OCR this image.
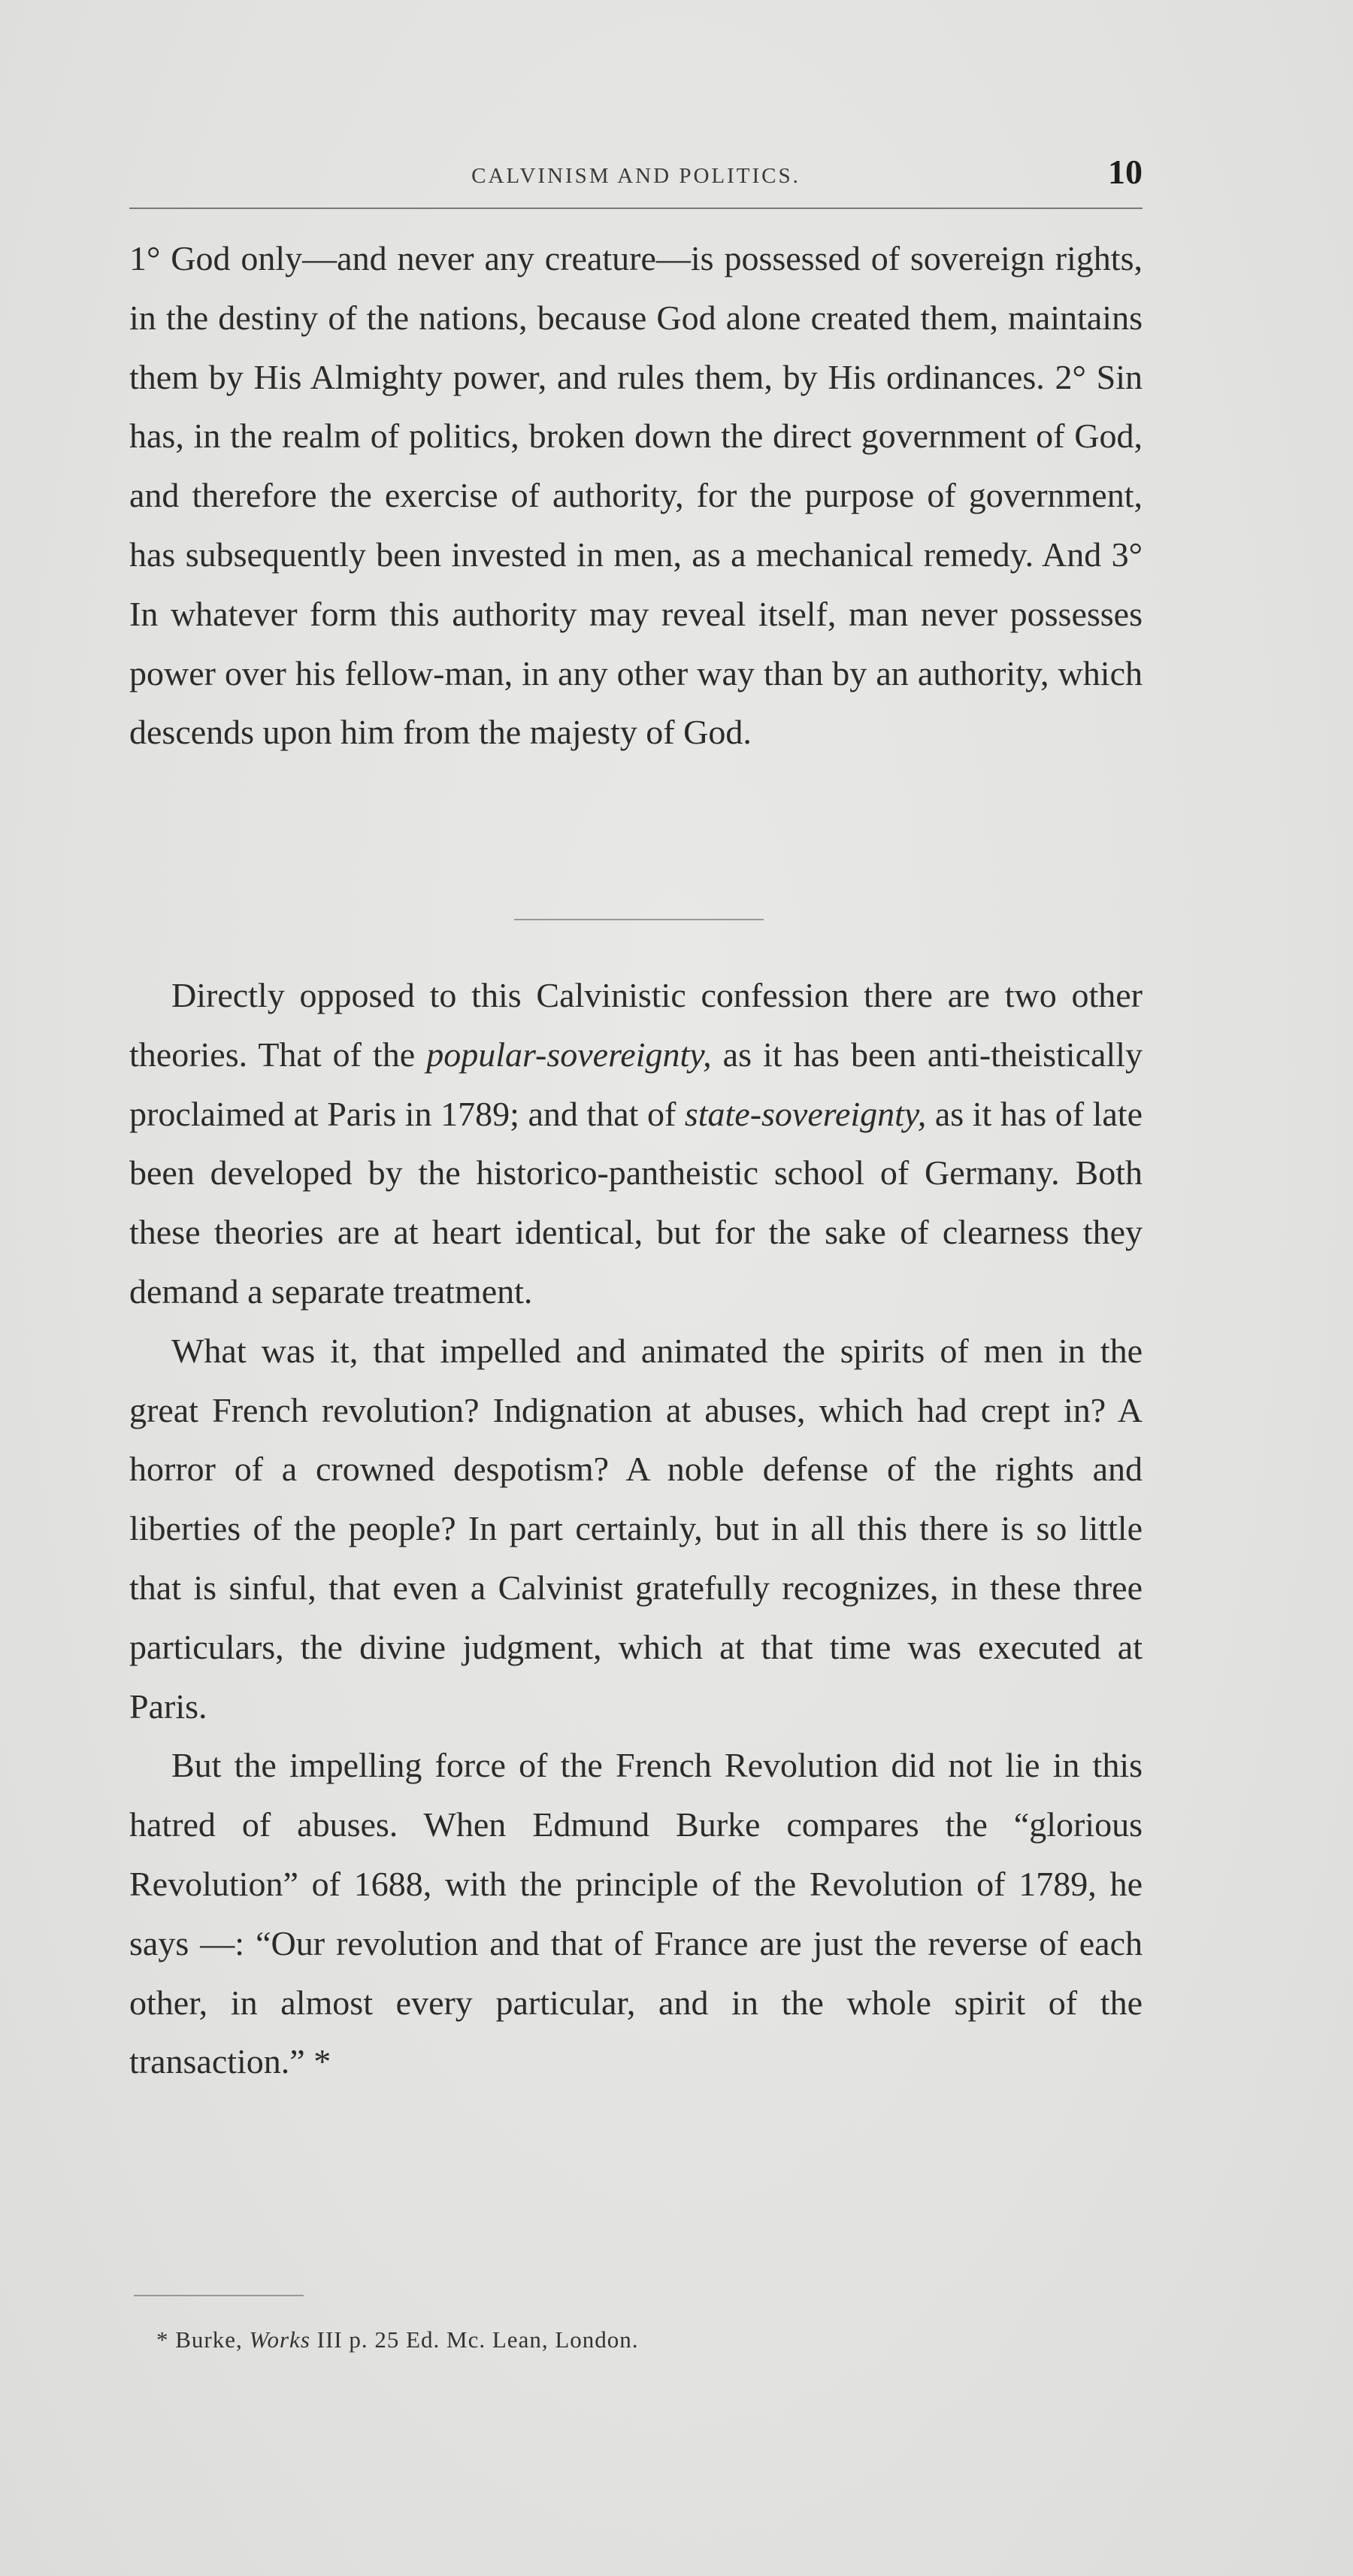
CALVINISM AND POLITICS.	10

1° God only—and never any creature—is possessed of sovereign rights, in the destiny of the nations, because God alone created them, maintains them by His Almighty power, and rules them, by His ordinances. 2° Sin has, in the realm of politics, broken down the direct government of God, and therefore the exercise of authority, for the purpose of government, has subsequently been invested in men, as a mechanical remedy. And 3° In whatever form this authority may reveal itself, man never possesses power over his fellow-man, in any other way than by an authority, which descends upon him from the majesty of God.

Directly opposed to this Calvinistic confession there are two other theories. That of the popular-sovereignty, as it has been anti-theistically proclaimed at Paris in 1789; and that of state-sovereignty, as it has of late been developed by the historico-pantheistic school of Germany. Both these theories are at heart identical, but for the sake of clearness they demand a separate treatment.

What was it, that impelled and animated the spirits of men in the great French revolution? Indignation at abuses, which had crept in? A horror of a crowned despotism? A noble defense of the rights and liberties of the people? In part certainly, but in all this there is so little that is sinful, that even a Calvinist gratefully recognizes, in these three particulars, the divine judgment, which at that time was executed at Paris.

But the impelling force of the French Revolution did not lie in this hatred of abuses. When Edmund Burke compares the “glorious Revolution” of 1688, with the principle of the Revolution of 1789, he says —: “Our revolution and that of France are just the reverse of each other, in almost every particular, and in the whole spirit of the transaction.” *

* Burke, Works III p. 25 Ed. Mc. Lean, London.
